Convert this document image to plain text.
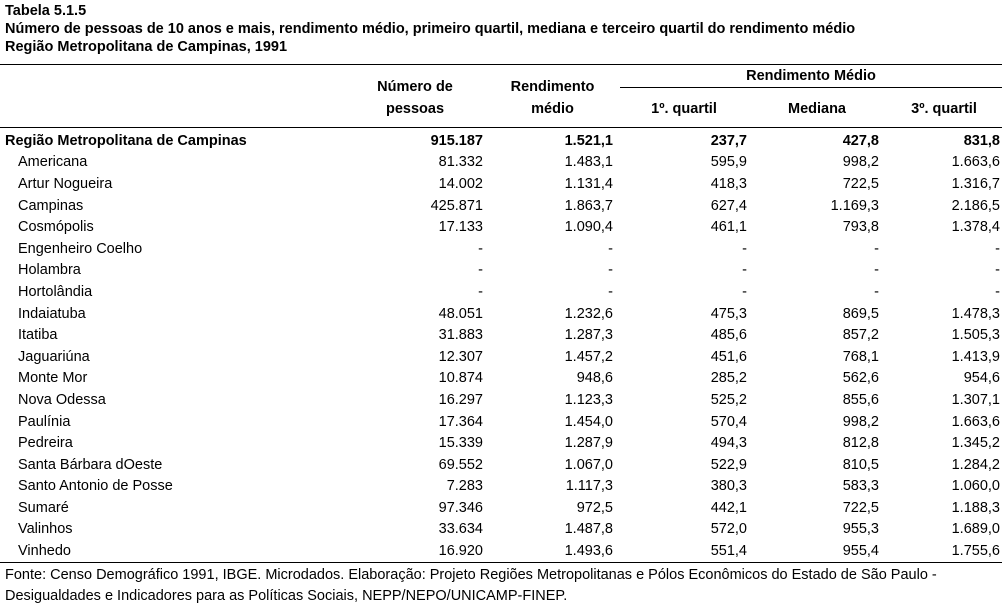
Tabela 5.1.5
Número de pessoas de 10 anos e mais, rendimento médio, primeiro quartil, mediana e terceiro quartil do rendimento médio
Região Metropolitana de Campinas, 1991
Número de
pessoas
Rendimento
médio
Rendimento Médio
1º. quartil	Mediana	3º. quartil
Região Metropolitana de Campinas	915.187	1.521,1	237,7	427,8	831,8
Americana	81.332	1.483,1	595,9	998,2	1.663,6
Artur Nogueira	14.002	1.131,4	418,3	722,5	1.316,7
Campinas	425.871	1.863,7	627,4	1.169,3	2.186,5
Cosmópolis	17.133	1.090,4	461,1	793,8	1.378,4
Engenheiro Coelho	-	-	-	-	-
Holambra	-	-	-	-	-
Hortolândia	-	-	-	-	-
Indaiatuba	48.051	1.232,6	475,3	869,5	1.478,3
Itatiba	31.883	1.287,3	485,6	857,2	1.505,3
Jaguariúna	12.307	1.457,2	451,6	768,1	1.413,9
Monte Mor	10.874	948,6	285,2	562,6	954,6
Nova Odessa	16.297	1.123,3	525,2	855,6	1.307,1
Paulínia	17.364	1.454,0	570,4	998,2	1.663,6
Pedreira	15.339	1.287,9	494,3	812,8	1.345,2
Santa Bárbara dOeste	69.552	1.067,0	522,9	810,5	1.284,2
Santo Antonio de Posse	7.283	1.117,3	380,3	583,3	1.060,0
Sumaré	97.346	972,5	442,1	722,5	1.188,3
Valinhos	33.634	1.487,8	572,0	955,3	1.689,0
Vinhedo	16.920	1.493,6	551,4	955,4	1.755,6
Fonte: Censo Demográfico 1991, IBGE. Microdados. Elaboração: Projeto Regiões Metropolitanas e Pólos Econômicos do Estado de São Paulo - Desigualdades e Indicadores para as Políticas Sociais, NEPP/NEPO/UNICAMP-FINEP.
